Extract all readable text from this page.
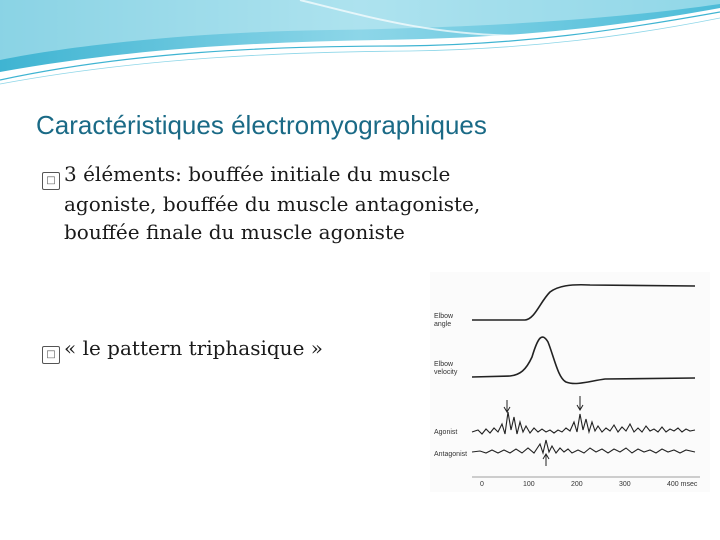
Caractéristiques électromyographiques
□ 3 éléments: bouffée initiale du muscle
agoniste, bouffée du muscle antagoniste,
bouffée finale du muscle agoniste
□ « le pattern triphasique »
Elbow
angle
Elbow
velocity
Agonist
Antagonist
0	100	200	300	400 msec
